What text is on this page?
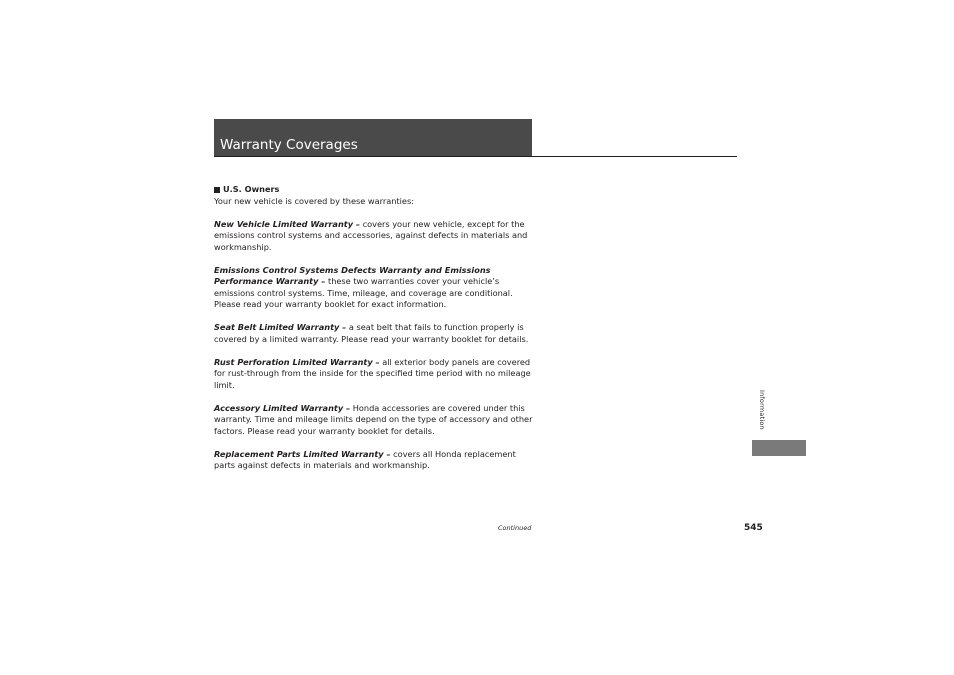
Warranty Coverages
U.S. Owners

Your new vehicle is covered by these warranties:

New Vehicle Limited Warranty – covers your new vehicle, except for the emissions control systems and accessories, against defects in materials and workmanship.

Emissions Control Systems Defects Warranty and Emissions Performance Warranty – these two warranties cover your vehicle’s emissions control systems. Time, mileage, and coverage are conditional. Please read your warranty booklet for exact information.

Seat Belt Limited Warranty – a seat belt that fails to function properly is covered by a limited warranty. Please read your warranty booklet for details.

Rust Perforation Limited Warranty – all exterior body panels are covered for rust-through from the inside for the specified time period with no mileage limit.

Accessory Limited Warranty – Honda accessories are covered under this warranty. Time and mileage limits depend on the type of accessory and other factors. Please read your warranty booklet for details.

Replacement Parts Limited Warranty – covers all Honda replacement parts against defects in materials and workmanship.

Information
Continued	545
